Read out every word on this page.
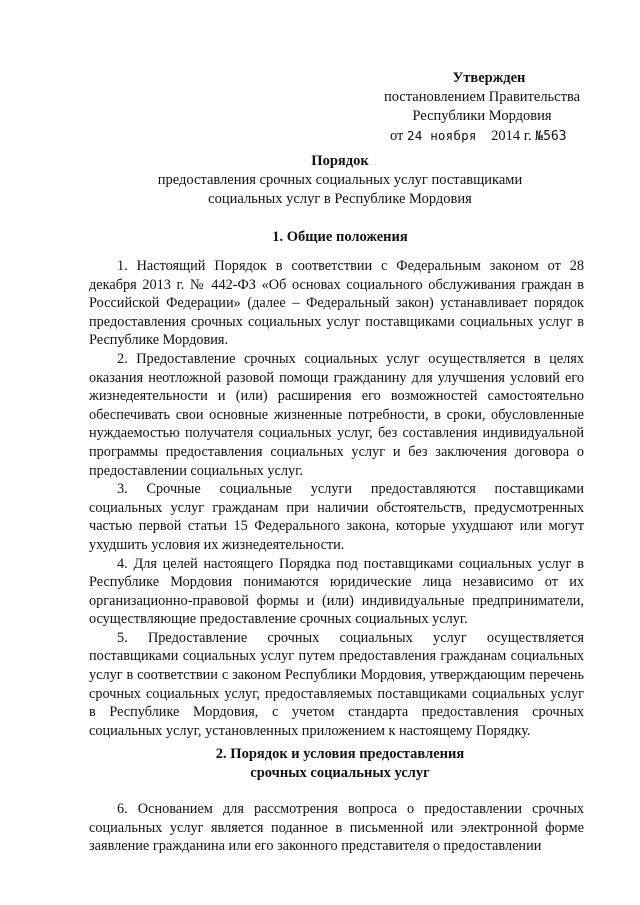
Утвержден
постановлением Правительства
Республики Мордовия
от 24 ноября 2014 г. №563
Порядок
предоставления срочных социальных услуг поставщиками
социальных услуг в Республике Мордовия
1. Общие положения

1. Настоящий Порядок в соответствии с Федеральным законом от 28 декабря 2013 г. № 442-ФЗ «Об основах социального обслуживания граждан в Российской Федерации» (далее – Федеральный закон) устанавливает порядок предоставления срочных социальных услуг поставщиками социальных услуг в Республике Мордовия.

2. Предоставление срочных социальных услуг осуществляется в целях оказания неотложной разовой помощи гражданину для улучшения условий его жизнедеятельности и (или) расширения его возможностей самостоятельно обеспечивать свои основные жизненные потребности, в сроки, обусловленные нуждаемостью получателя социальных услуг, без составления индивидуальной программы предоставления социальных услуг и без заключения договора о предоставлении социальных услуг.

3. Срочные социальные услуги предоставляются поставщиками социальных услуг гражданам при наличии обстоятельств, предусмотренных частью первой статьи 15 Федерального закона, которые ухудшают или могут ухудшить условия их жизнедеятельности.

4. Для целей настоящего Порядка под поставщиками социальных услуг в Республике Мордовия понимаются юридические лица независимо от их организационно-правовой формы и (или) индивидуальные предприниматели, осуществляющие предоставление срочных социальных услуг.

5. Предоставление срочных социальных услуг осуществляется поставщиками социальных услуг путем предоставления гражданам социальных услуг в соответствии с законом Республики Мордовия, утверждающим перечень срочных социальных услуг, предоставляемых поставщиками социальных услуг в Республике Мордовия, с учетом стандарта предоставления срочных социальных услуг, установленных приложением к настоящему Порядку.

2. Порядок и условия предоставления
срочных социальных услуг

6. Основанием для рассмотрения вопроса о предоставлении срочных социальных услуг является поданное в письменной или электронной форме заявление гражданина или его законного представителя о предоставлении
